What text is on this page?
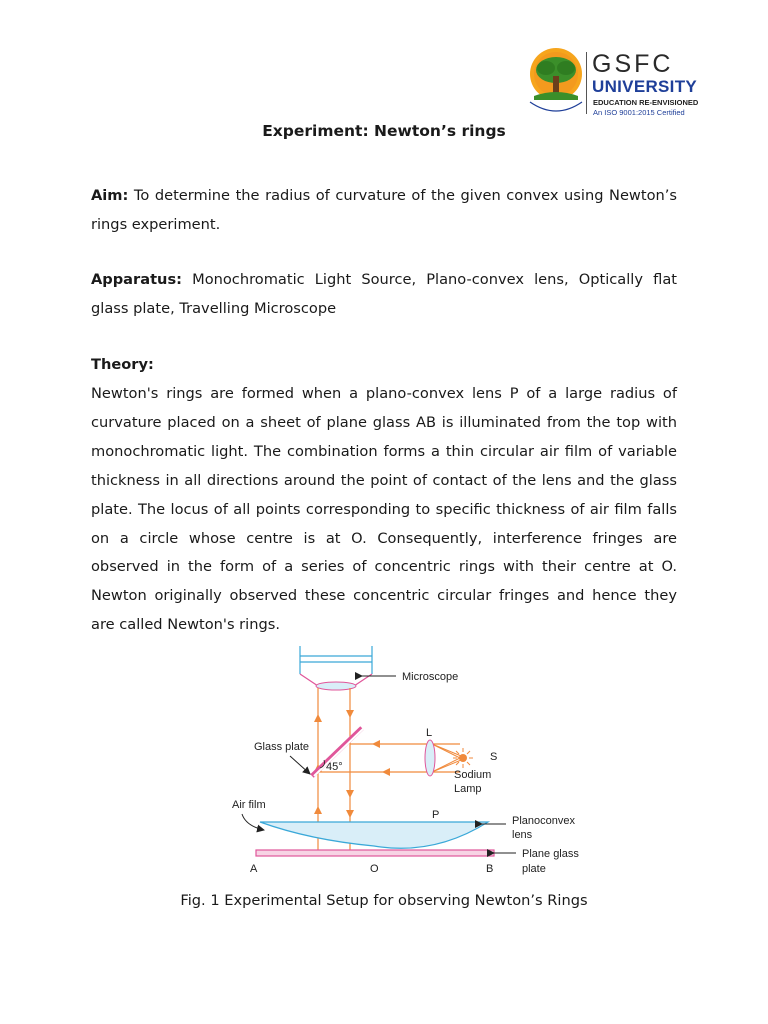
GSFC
UNIVERSITY
EDUCATION RE-ENVISIONED
An ISO 9001:2015 Certified
Experiment: Newton’s rings
Aim: To determine the radius of curvature of the given convex using Newton’s rings experiment.
Apparatus: Monochromatic Light Source, Plano-convex lens, Optically flat glass plate, Travelling Microscope
Theory:
Newton's rings are formed when a plano-convex lens P of a large radius of curvature placed on a sheet of plane glass AB is illuminated from the top with monochromatic light. The combination forms a thin circular air film of variable thickness in all directions around the point of contact of the lens and the glass plate. The locus of all points corresponding to specific thickness of air film falls on a circle whose centre is at O. Consequently, interference fringes are observed in the form of a series of concentric rings with their centre at O. Newton originally observed these concentric circular fringes and hence they are called Newton's rings.
Microscope
45°
Glass plate
L
S
Sodium
Lamp
P	Planoconvex
lens
Air film
Plane glass
plate
A	O	B
Fig. 1 Experimental Setup for observing Newton’s Rings
